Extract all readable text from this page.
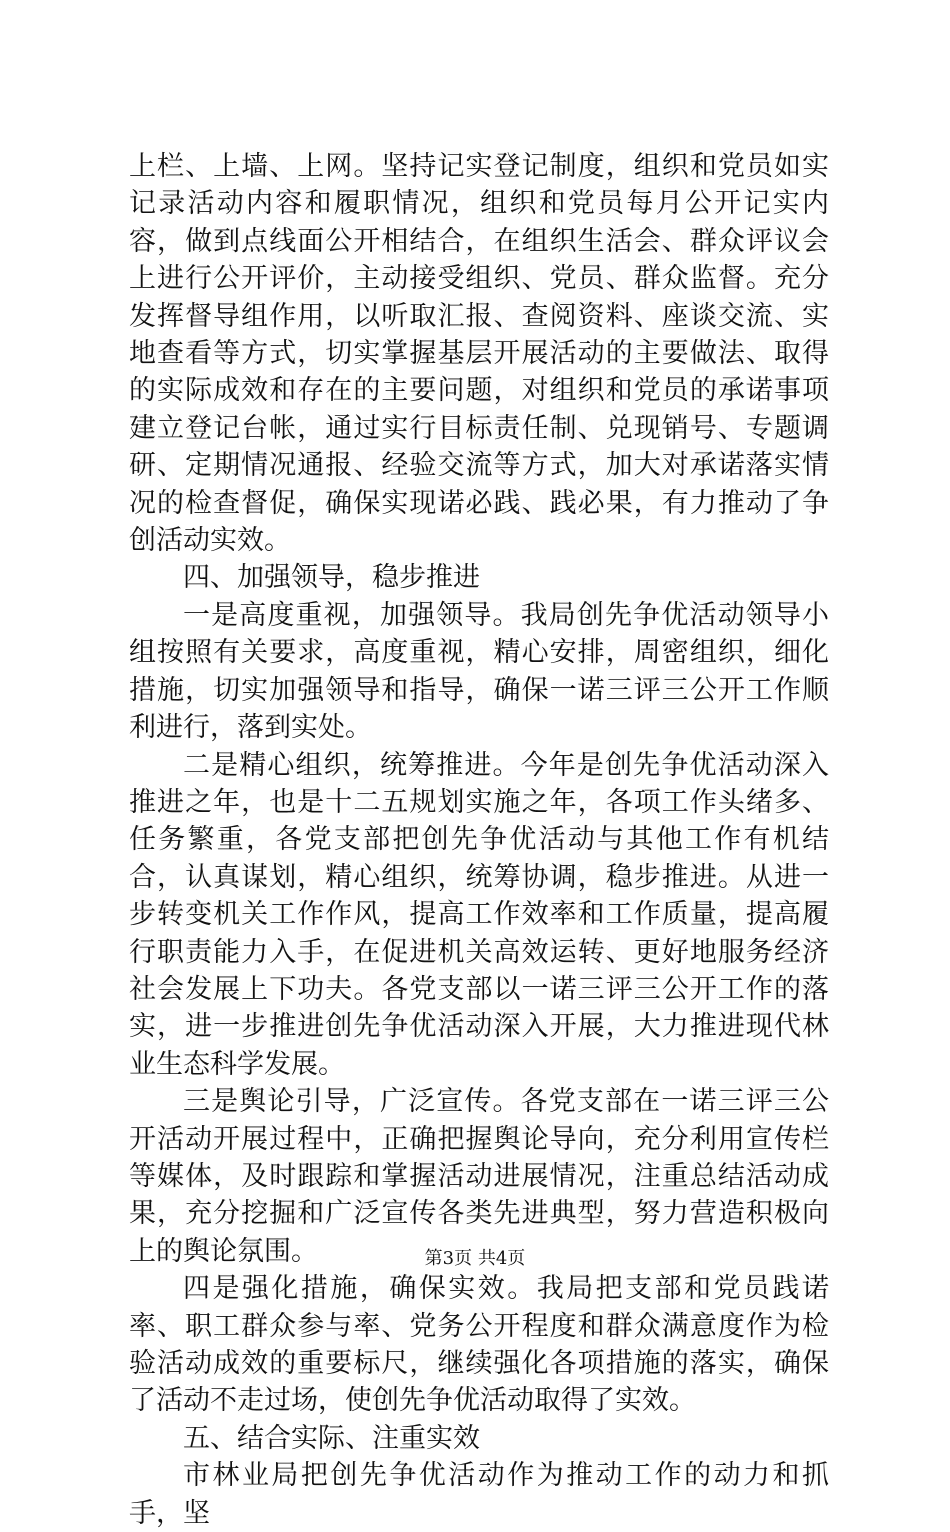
上栏、上墙、上网。坚持记实登记制度，组织和党员如实记录活动内容和履职情况，组织和党员每月公开记实内容，做到点线面公开相结合，在组织生活会、群众评议会上进行公开评价，主动接受组织、党员、群众监督。充分发挥督导组作用，以听取汇报、查阅资料、座谈交流、实地查看等方式，切实掌握基层开展活动的主要做法、取得的实际成效和存在的主要问题，对组织和党员的承诺事项建立登记台帐，通过实行目标责任制、兑现销号、专题调研、定期情况通报、经验交流等方式，加大对承诺落实情况的检查督促，确保实现诺必践、践必果，有力推动了争创活动实效。

四、加强领导，稳步推进

一是高度重视，加强领导。我局创先争优活动领导小组按照有关要求，高度重视，精心安排，周密组织，细化措施，切实加强领导和指导，确保一诺三评三公开工作顺利进行，落到实处。

二是精心组织，统筹推进。今年是创先争优活动深入推进之年，也是十二五规划实施之年，各项工作头绪多、任务繁重，各党支部把创先争优活动与其他工作有机结合，认真谋划，精心组织，统筹协调，稳步推进。从进一步转变机关工作作风，提高工作效率和工作质量，提高履行职责能力入手，在促进机关高效运转、更好地服务经济社会发展上下功夫。各党支部以一诺三评三公开工作的落实，进一步推进创先争优活动深入开展，大力推进现代林业生态科学发展。

三是舆论引导，广泛宣传。各党支部在一诺三评三公开活动开展过程中，正确把握舆论导向，充分利用宣传栏等媒体，及时跟踪和掌握活动进展情况，注重总结活动成果，充分挖掘和广泛宣传各类先进典型，努力营造积极向上的舆论氛围。

四是强化措施，确保实效。我局把支部和党员践诺率、职工群众参与率、党务公开程度和群众满意度作为检验活动成效的重要标尺，继续强化各项措施的落实，确保了活动不走过场，使创先争优活动取得了实效。

五、结合实际、注重实效

市林业局把创先争优活动作为推动工作的动力和抓手，坚

第3页 共4页
